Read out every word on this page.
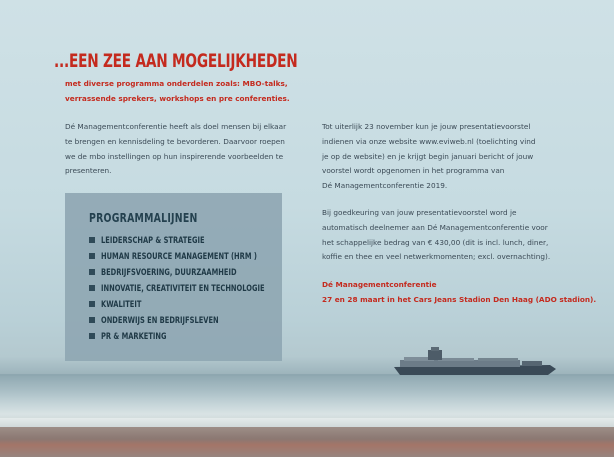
...EEN ZEE AAN MOGELIJKHEDEN
met diverse programma onderdelen zoals: MBO-talks,
verrassende sprekers, workshops en pre conferenties.
Dé Managementconferentie heeft als doel mensen bij elkaar
te brengen en kennisdeling te bevorderen. Daarvoor roepen
we de mbo instellingen op hun inspirerende voorbeelden te
presenteren.
Tot uiterlijk 23 november kun je jouw presentatievoorstel
indienen via onze website www.eviweb.nl (toelichting vind
je op de website) en je krijgt begin januari bericht of jouw
voorstel wordt opgenomen in het programma van
Dé Managementconferentie 2019.
Bij goedkeuring van jouw presentatievoorstel word je
automatisch deelnemer aan Dé Managementconferentie voor
het schappelijke bedrag van € 430,00 (dit is incl. lunch, diner,
koffie en thee en veel netwerkmomenten; excl. overnachting).
Dé Managementconferentie
27 en 28 maart in het Cars Jeans Stadion Den Haag (ADO stadion).
PROGRAMMALIJNEN
LEIDERSCHAP & STRATEGIE
HUMAN RESOURCE MANAGEMENT (HRM )
BEDRIJFSVOERING, DUURZAAMHEID
INNOVATIE, CREATIVITEIT EN TECHNOLOGIE
KWALITEIT
ONDERWIJS EN BEDRIJFSLEVEN
PR & MARKETING
